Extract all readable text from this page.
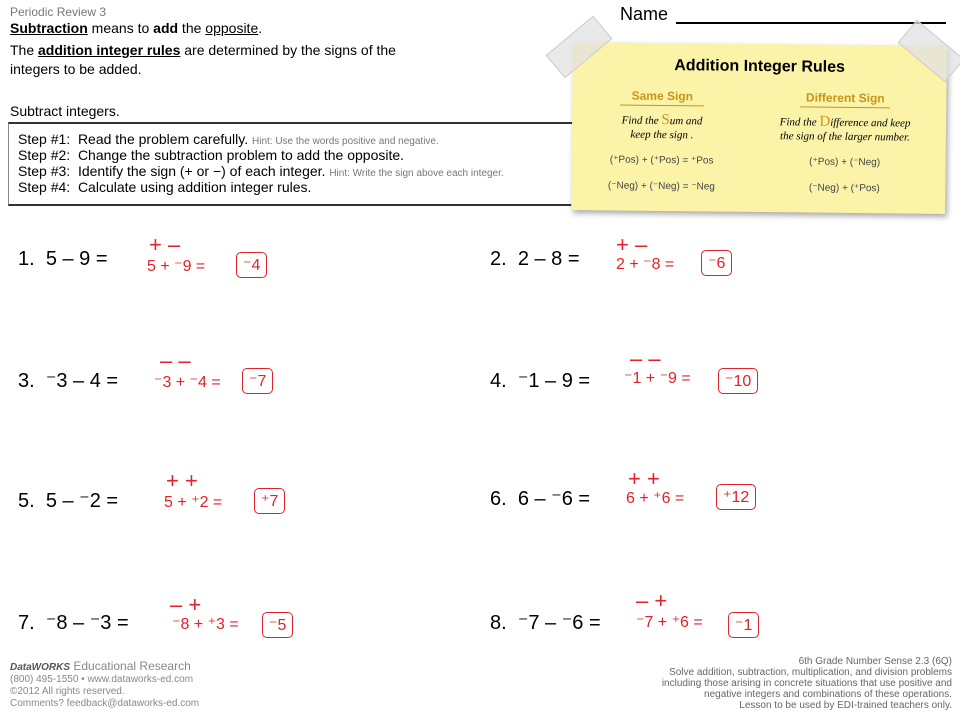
Periodic Review 3	Name
Subtraction means to add the opposite.
The addition integer rules are determined by the signs of the
integers to be added.
Subtract integers.
Step #1: Read the problem carefully. Hint: Use the words positive and negative.
Step #2: Change the subtraction problem to add the opposite.
Step #3: Identify the sign (+ or −) of each integer. Hint: Write the sign above each integer.
Step #4: Calculate using addition integer rules.
Addition Integer Rules
Same Sign
Find the Sum and
keep the sign .
(⁺Pos) + (⁺Pos) = ⁺Pos
(⁻Neg) + (⁻Neg) = ⁻Neg
Different Sign
Find the Difference and keep
the sign of the larger number.
(⁺Pos) + (⁻Neg)
(⁻Neg) + (⁺Pos)
1. 5 – 9 =
+ –
5 + ⁻9 =	⁻4	2. 2 – 8 =
+ –
2 + ⁻8 =	⁻6
3. ⁻3 – 4 =
– –
⁻3 + ⁻4 =	⁻7	4. ⁻1 – 9 =
– –
⁻1 + ⁻9 =	⁻10
5. 5 – ⁻2 =
+ +
5 + ⁺2 =	⁺7	6. 6 – ⁻6 =
+ +
6 + ⁺6 =	⁺12
7. ⁻8 – ⁻3 =
– +
⁻8 + ⁺3 =	⁻5	8. ⁻7 – ⁻6 =
– +
⁻7 + ⁺6 =	⁻1
DataWORKS Educational Research
(800) 495-1550 • www.dataworks-ed.com
©2012 All rights reserved.
Comments? feedback@dataworks-ed.com
6th Grade Number Sense 2.3 (6Q)
Solve addition, subtraction, multiplication, and division problems
including those arising in concrete situations that use positive and
negative integers and combinations of these operations.
Lesson to be used by EDI-trained teachers only.
